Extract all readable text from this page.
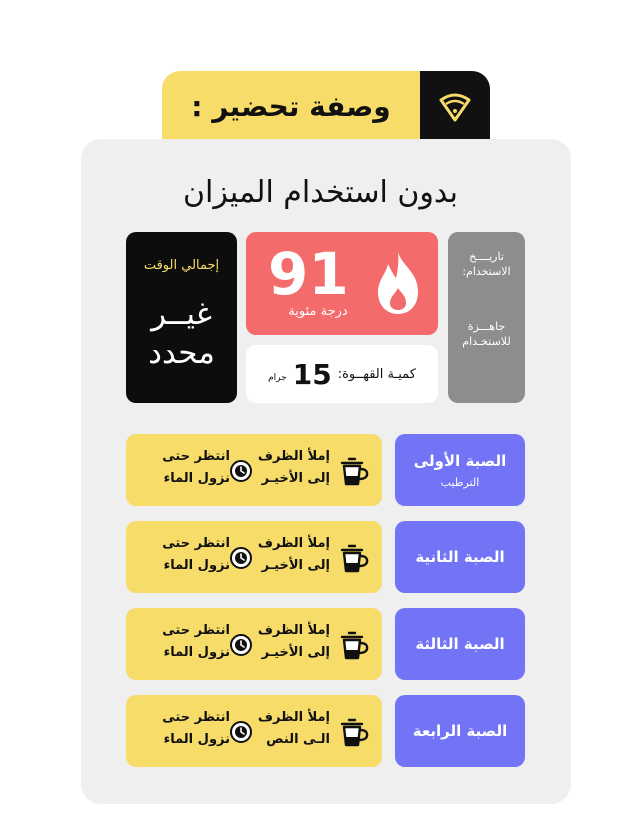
وصفة تحضير :
بدون استخدام الميزان
إجمالي الوقت
غيــر
محدد
91
درجة مئوية
كميـة القهــوة:
15
جرام
تاريــــخ
الاستخدام:
جاهـــزة
للاستخـدام
الصبة الأولى
الترطيب
إملأ الظرف
إلى الأخيـر
انتظر حتى
نزول الماء
الصبة الثانية
إملأ الظرف
إلى الأخيـر
انتظر حتى
نزول الماء
الصبة الثالثة
إملأ الظرف
إلى الأخيـر
انتظر حتى
نزول الماء
الصبة الرابعة
إملأ الظرف
الـى النص
انتظر حتى
نزول الماء
